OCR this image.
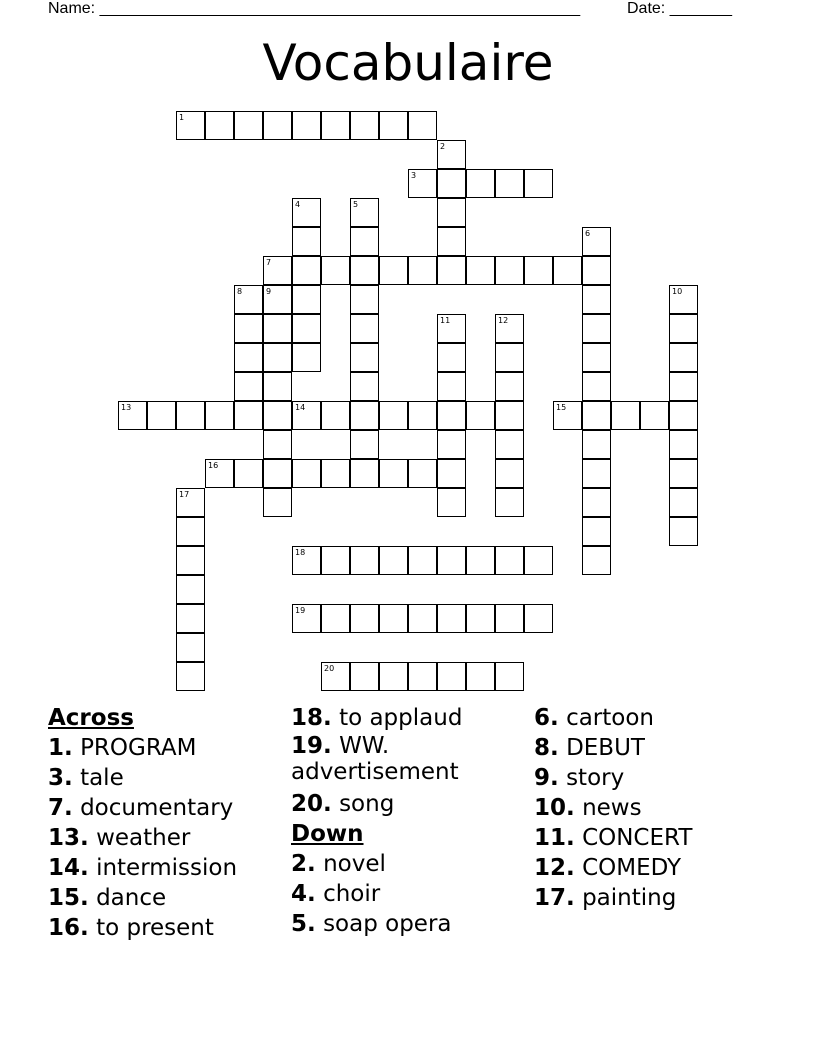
Name: ______________________________________________________	Date: _______
Vocabulaire
1
2
3
4	5
6
7
8	9	10
11	12
13	14	15
16
17
18
19
20
Across
1. PROGRAM
3. tale
7. documentary
13. weather
14. intermission
15. dance
16. to present
18. to applaud
19. WW. advertisement
20. song
Down
2. novel
4. choir
5. soap opera
6. cartoon
8. DEBUT
9. story
10. news
11. CONCERT
12. COMEDY
17. painting
